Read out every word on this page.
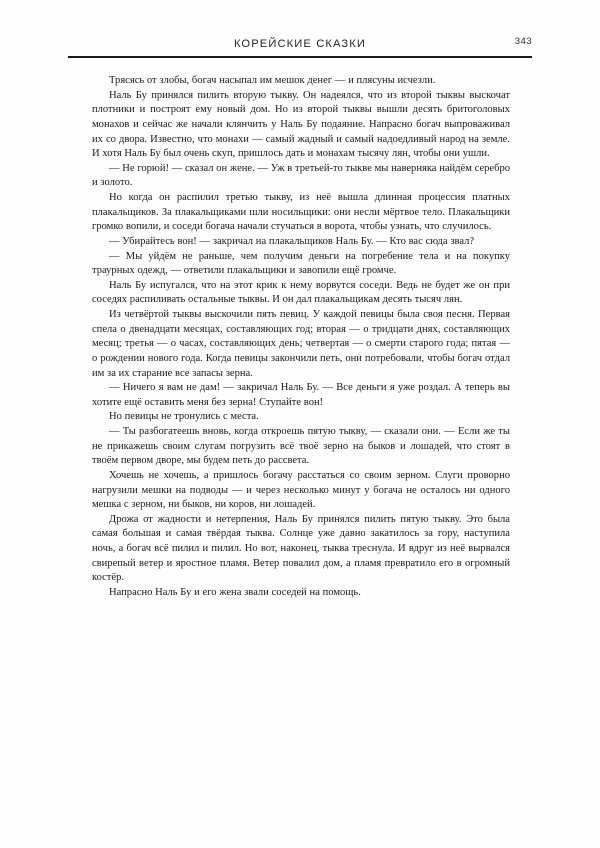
КОРЕЙСКИЕ СКАЗКИ	343

Трясясь от злобы, богач насыпал им мешок денег — и плясуны исчезли.

Наль Бу принялся пилить вторую тыкву. Он надеялся, что из второй тыквы выскочат плотники и построят ему новый дом. Но из второй тыквы вышли десять бритоголовых монахов и сейчас же начали клянчить у Наль Бу подаяние. Напрасно богач выпроваживал их со двора. Известно, что монахи — самый жадный и самый надоедливый народ на земле. И хотя Наль Бу был очень скуп, пришлось дать и монахам тысячу лян, чтобы они ушли.

— Не горюй! — сказал он жене. — Уж в третьей-то тыкве мы наверняка найдём серебро и золото.

Но когда он распилил третью тыкву, из неё вышла длинная процессия платных плакальщиков. За плакальщиками шли носильщики: они несли мёртвое тело. Плакальщики громко вопили, и соседи богача начали стучаться в ворота, чтобы узнать, что случилось.

— Убирайтесь вон! — закричал на плакальщиков Наль Бу. — Кто вас сюда звал?

— Мы уйдём не раньше, чем получим деньги на погребение тела и на покупку траурных одежд, — ответили плакальщики и завопили ещё громче.

Наль Бу испугался, что на этот крик к нему ворвутся соседи. Ведь не будет же он при соседях распиливать остальные тыквы. И он дал плакальщикам десять тысяч лян.

Из четвёртой тыквы выскочили пять певиц. У каждой певицы была своя песня. Первая спела о двенадцати месяцах, составляющих год; вторая — о тридцати днях, составляющих месяц; третья — о часах, составляющих день; четвертая — о смерти старого года; пятая — о рождении нового года. Когда певицы закончили петь, они потребовали, чтобы богач отдал им за их старание все запасы зерна.

— Ничего я вам не дам! — закричал Наль Бу. — Все деньги я уже роздал. А теперь вы хотите ещё оставить меня без зерна! Ступайте вон!

Но певицы не тронулись с места.

— Ты разбогатеешь вновь, когда откроешь пятую тыкву, — сказали они. — Если же ты не прикажешь своим слугам погрузить всё твоё зерно на быков и лошадей, что стоят в твоём первом дворе, мы будем петь до рассвета.

Хочешь не хочешь, а пришлось богачу расстаться со своим зерном. Слуги проворно нагрузили мешки на подводы — и через несколько минут у богача не осталось ни одного мешка с зерном, ни быков, ни коров, ни лошадей.

Дрожа от жадности и нетерпения, Наль Бу принялся пилить пятую тыкву. Это была самая большая и самая твёрдая тыква. Солнце уже давно закатилось за гору, наступила ночь, а богач всё пилил и пилил. Но вот, наконец, тыква треснула. И вдруг из неё вырвался свирепый ветер и яростное пламя. Ветер повалил дом, а пламя превратило его в огромный костёр.

Напрасно Наль Бу и его жена звали соседей на помощь.
